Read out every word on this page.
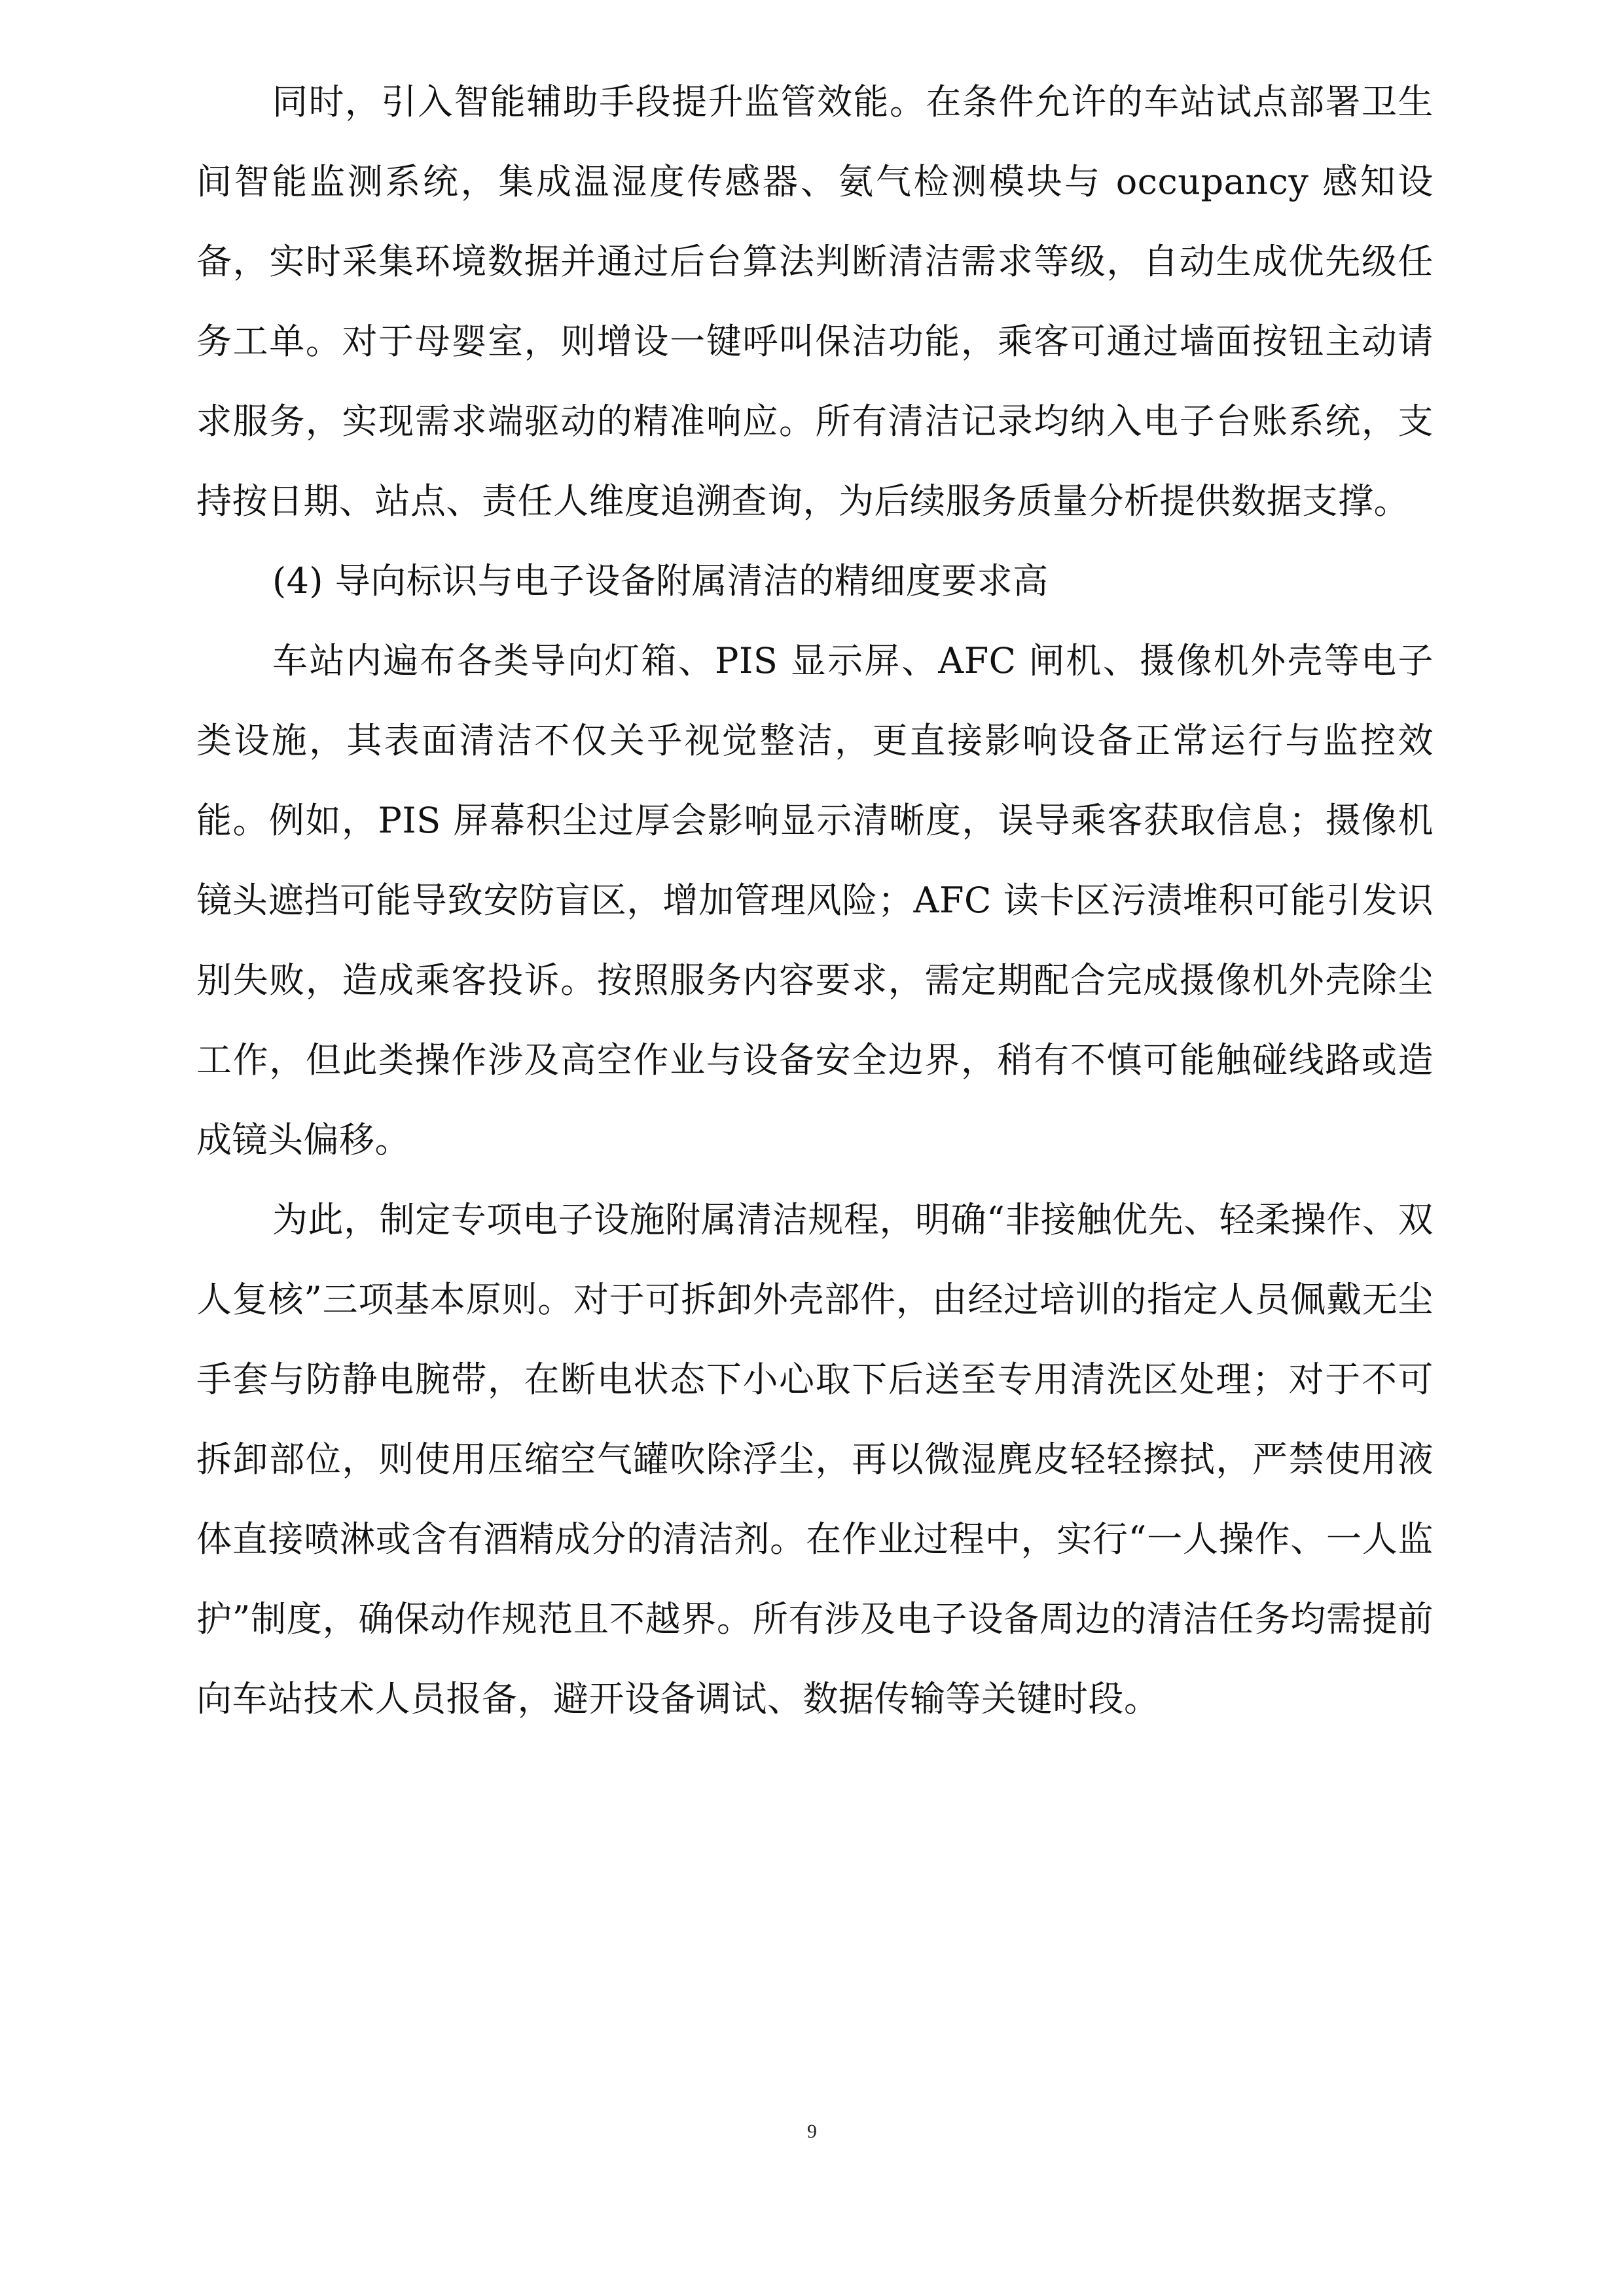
同时，引入智能辅助手段提升监管效能。在条件允许的车站试点部署卫生间智能监测系统，集成温湿度传感器、氨气检测模块与 occupancy 感知设备，实时采集环境数据并通过后台算法判断清洁需求等级，自动生成优先级任务工单。对于母婴室，则增设一键呼叫保洁功能，乘客可通过墙面按钮主动请求服务，实现需求端驱动的精准响应。所有清洁记录均纳入电子台账系统，支持按日期、站点、责任人维度追溯查询，为后续服务质量分析提供数据支撑。

(4) 导向标识与电子设备附属清洁的精细度要求高

车站内遍布各类导向灯箱、PIS 显示屏、AFC 闸机、摄像机外壳等电子类设施，其表面清洁不仅关乎视觉整洁，更直接影响设备正常运行与监控效能。例如，PIS 屏幕积尘过厚会影响显示清晰度，误导乘客获取信息；摄像机镜头遮挡可能导致安防盲区，增加管理风险；AFC 读卡区污渍堆积可能引发识别失败，造成乘客投诉。按照服务内容要求，需定期配合完成摄像机外壳除尘工作，但此类操作涉及高空作业与设备安全边界，稍有不慎可能触碰线路或造成镜头偏移。

为此，制定专项电子设施附属清洁规程，明确“非接触优先、轻柔操作、双人复核”三项基本原则。对于可拆卸外壳部件，由经过培训的指定人员佩戴无尘手套与防静电腕带，在断电状态下小心取下后送至专用清洗区处理；对于不可拆卸部位，则使用压缩空气罐吹除浮尘，再以微湿麂皮轻轻擦拭，严禁使用液体直接喷淋或含有酒精成分的清洁剂。在作业过程中，实行“一人操作、一人监护”制度，确保动作规范且不越界。所有涉及电子设备周边的清洁任务均需提前向车站技术人员报备，避开设备调试、数据传输等关键时段。

9
